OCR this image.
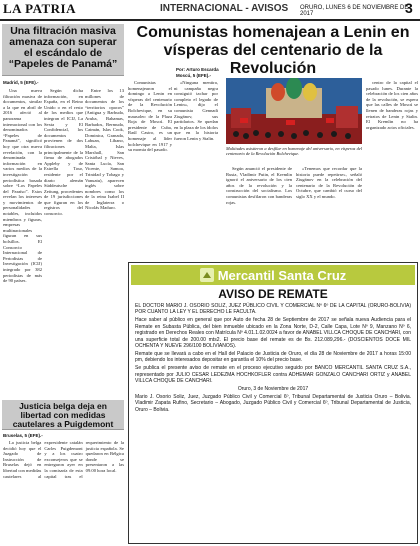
LA PATRIA	INTERNACIONAL - AVISOS ORURO, LUNES 6 DE NOVIEMBRE DE 2017	3
Una filtración masiva amenaza con superar el escándalo de “Papeles de Panamá”
Madrid, 5 (EFE).-

Una nueva filtración masiva de documentos, similar a la que en abril de 2016 afectó al panorama internacional con los denominados “Papeles de Panamá”, significó hoy que otra nueva revelación, con la denominada información en varios medios de la investigación periodística basada sobre “Los Papeles del Paraíso”. Estos revelan los intereses y movimientos de personalidades notables, incluidos miembros y figuras, empresas multinacionales figuran en sus bolsillos. El Consorcio Internacional de Periodistas de Investigación (ICIJ) integrado por 382 periodistas de más de 90 países.

Según dicha información, en España, en el Reino Unido o en el resto de los medios que integran el ICIJ, La Sexta y El Confidencial, los documentos provienen de dos filtraciones principalmente de la firma de abogados Appleby y de Estrella Tour, residente por el diario alemán Süddeutsche Zeitung, procedentes de 19 jurisdicciones que figuran en los registros del consorcio.

Entre los 13 millones de documentos de los “territorios opacos” (Antigua y Barbuda, Aruba, Bahamas, Barbados, Bermuda, Caimán, Islas Cook, Dominica, Granada, Labuan, Líbano, Malta, Islas Marshall, San Cristóbal y Nieves, Santa Lucía, San Vicente, Samoa, Trinidad y Tobago y Vanuatu), aparecen inglés sobre nombres como los de la reina Isabel II de Inglaterra o Nicolás Maduro.

Justicia belga deja en libertad con medidas cautelares a Puigdemont
Bruselas, 5 (EFE).-

La justicia belga decidió hoy que el Juzgado de Instrucción de Bruselas dejó en libertad con medidas cautelares al expresidente catalán Carles Puigdemont y a los cuatro exconsejeros que se entregaron ayer en la comisaría de esta capital tras el requerimiento de la justicia española. Se quedaron en Bélgica donde se presentaron a las 09.00 hora local.

Comunistas homenajean a Lenin en vísperas del centenario de la Revolución
Por: Arturo Escarda
Moscú, 5 (EFE).-

Comunistas homenajearon el domingo a Lenin en vísperas del centenario de la Revolución Bolchevique, en su mausoleo de la Plaza Roja de Moscú. El presidente de Cuba, Raúl Castro, es un homenaje al líder bolchevique en 1917 y su momia del pasado.

«Ninguna mentira, ni campaña negra consiguió tachar por completo el legado de Lenin», dijo el comunista Gennadi Ziugánov, sus partidarios. Se quedan en la plaza de los ídolos que en la historia fueron Lenin y Stalin.

Multitudes asistieron a desfilar en homenaje del aniversario, en vísperas del centenario de la Revolución Bolchevique.

Según anunció el presidente de Rusia, Vladímir Putin, el Kremlin ignoró el aniversario de los cien años de la revolución y la construcción del socialismo. Los comunistas desfilaron con banderas rojas.

«Tenemos que recordar que la historia puede repetirse», señaló Ziugánov en la celebración del centenario de la Revolución de Octubre, que cambió el curso del siglo XX y el mundo.

centro de la capital el pasado lunes. Durante la celebración de los cien años de la revolución, se espera que las calles de Moscú se llenen de banderas rojas y retratos de Lenin y Stalin. El Kremlin no ha organizado actos oficiales.

Mercantil Santa Cruz
AVISO DE REMATE

EL DOCTOR MARIO J. OSORIO SOLIZ, JUEZ PÚBLICO CIVIL Y COMERCIAL Nº 6º DE LA CAPITAL (ORURO-BOLIVIA) POR CUANTO LA LEY Y EL DERECHO LE FACULTA.

Hace saber al público en general que por Auto de fecha 28 de Septiembre de 2017 se señala nueva Audiencia para el Remate en Subasta Pública, del bien inmueble ubicado en la Zona Norte, D-2, Calle Capa, Lote Nº 9, Manzano Nº 6, registrado en Derechos Reales con Matrícula Nº 4.01.1.02.0024 a favor de ANABEL VILLCA CHOQUE DE CANCHARI, con una superficie total de 200.00 mts2. El precio base del remate es de Bs. 212.089,296.- (DOSCIENTOS DOCE MIL OCHENTA Y NUEVE 296/100 BOLIVIANOS).

Remate que se llevará a cabo en el Hall del Palacio de Justicia de Oruro, el día 28 de Noviembre de 2017 a horas 15:00 pm, debiendo los interesados depositar en garantía el 10% del precio base.

Se publica el presente aviso de remate en el proceso ejecutivo seguido por BANCO MERCANTIL SANTA CRUZ S.A., representado por JULIO CESAR LEDEZMA HOCHKOFLER contra ADHEMAR GONZALO CANCHARI ORTIZ y ANABEL VILLCA CHOQUE DE CANCHARI.

Oruro, 3 de Noviembre de 2017

Mario J. Osorio Soliz, Juez, Juzgado Público Civil y Comercial 6º, Tribunal Departamental de Justicia Oruro – Bolivia. Vladimir Zapata Rufino, Secretario – Abogado, Juzgado Público Civil y Comercial 6º, Tribunal Departamental de Justicia, Oruro – Bolivia.
